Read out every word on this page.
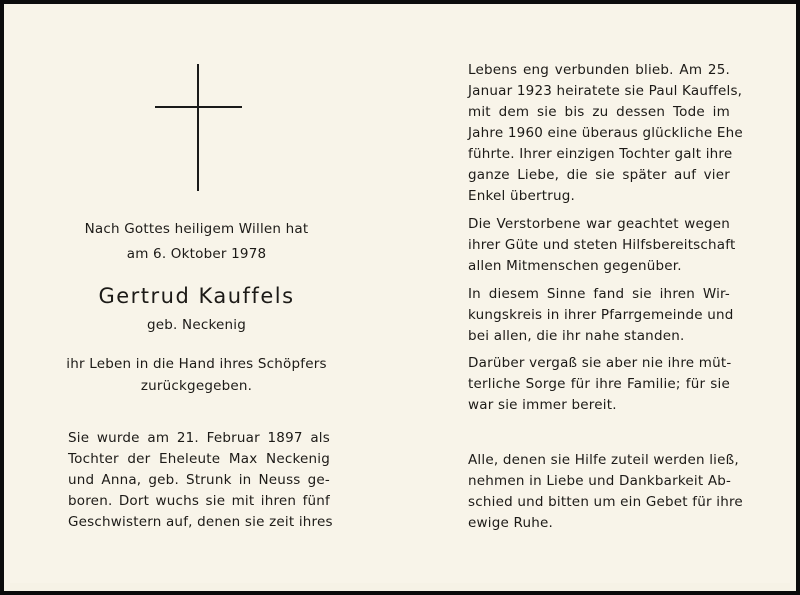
Nach Gottes heiligem Willen hat
am 6. Oktober 1978
Gertrud Kauffels
geb. Neckenig
ihr Leben in die Hand ihres Schöpfers
zurückgegeben.
Sie wurde am 21. Februar 1897 als
Tochter der Eheleute Max Neckenig
und Anna, geb. Strunk in Neuss ge-
boren. Dort wuchs sie mit ihren fünf
Geschwistern auf, denen sie zeit ihres
Lebens eng verbunden blieb. Am 25.
Januar 1923 heiratete sie Paul Kauffels,
mit dem sie bis zu dessen Tode im
Jahre 1960 eine überaus glückliche Ehe
führte. Ihrer einzigen Tochter galt ihre
ganze Liebe, die sie später auf vier
Enkel übertrug.
Die Verstorbene war geachtet wegen
ihrer Güte und steten Hilfsbereitschaft
allen Mitmenschen gegenüber.
In diesem Sinne fand sie ihren Wir-
kungskreis in ihrer Pfarrgemeinde und
bei allen, die ihr nahe standen.
Darüber vergaß sie aber nie ihre müt-
terliche Sorge für ihre Familie; für sie
war sie immer bereit.
Alle, denen sie Hilfe zuteil werden ließ,
nehmen in Liebe und Dankbarkeit Ab-
schied und bitten um ein Gebet für ihre
ewige Ruhe.
